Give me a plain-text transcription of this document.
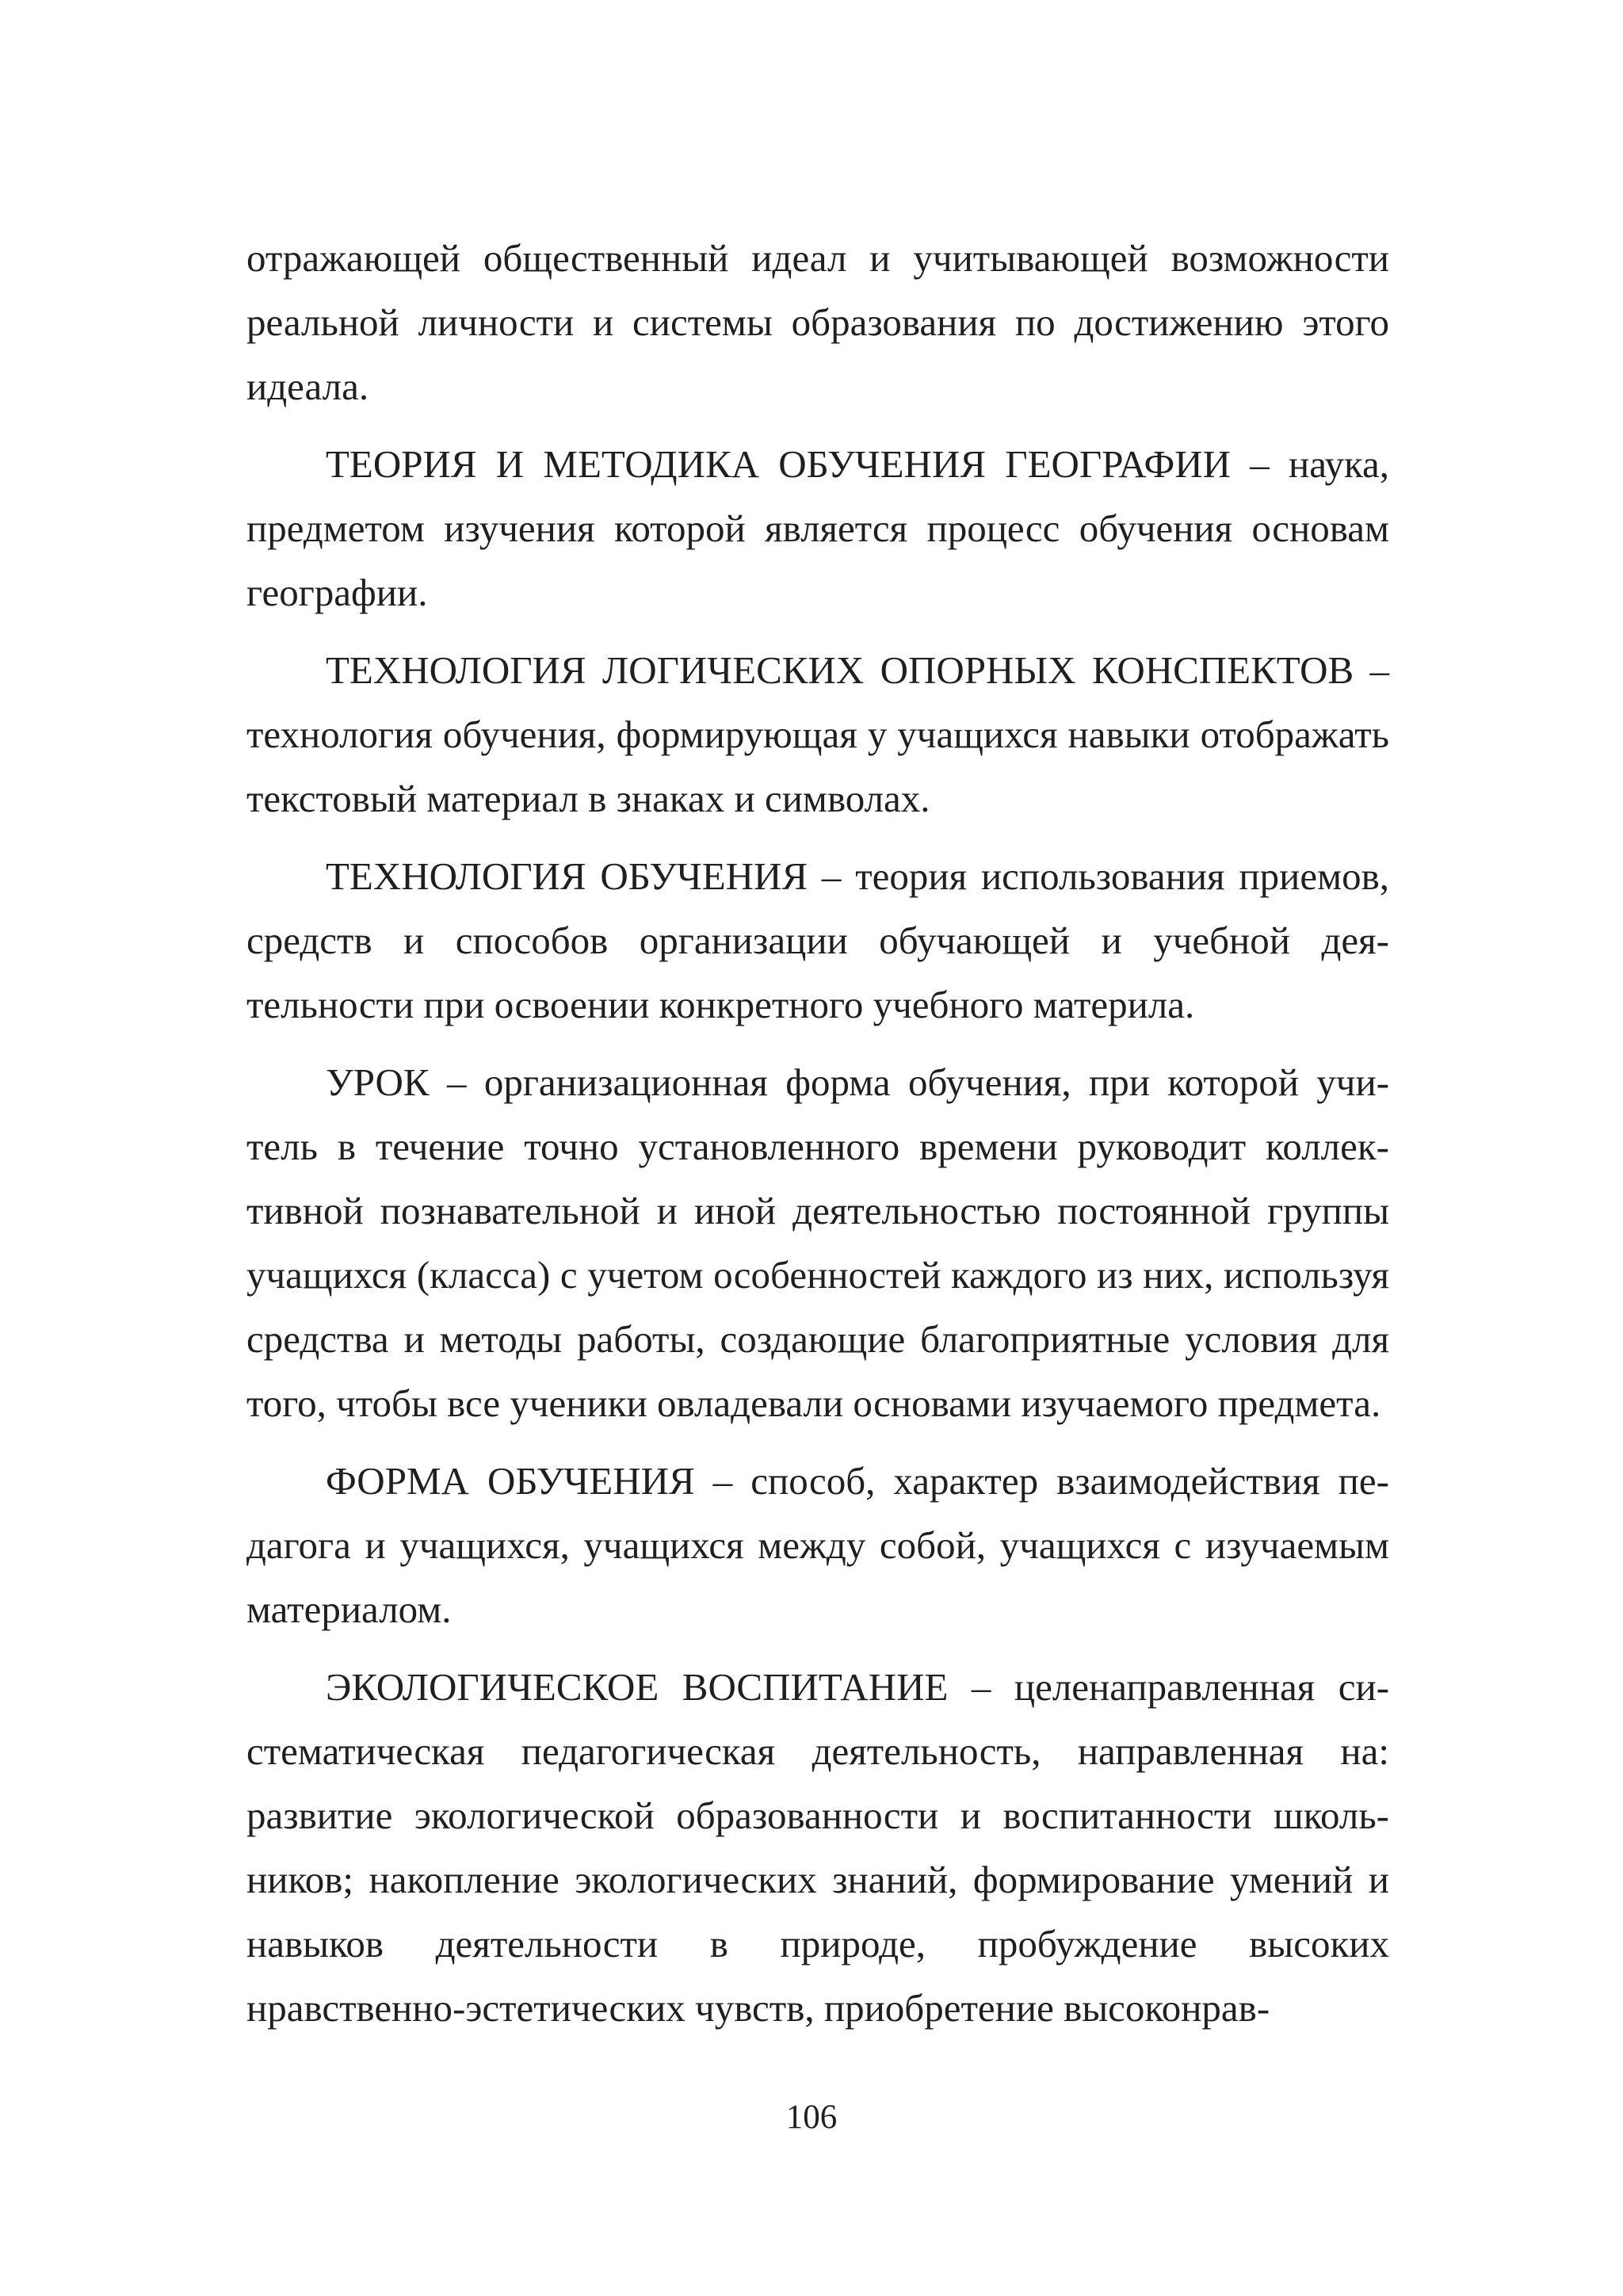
отражающей общественный идеал и учитывающей возможности реальной личности и системы образования по достижению этого идеала.

ТЕОРИЯ И МЕТОДИКА ОБУЧЕНИЯ ГЕОГРАФИИ – наука, предметом изучения которой является процесс обучения основам географии.

ТЕХНОЛОГИЯ ЛОГИЧЕСКИХ ОПОРНЫХ КОНСПЕКТОВ – технология обучения, формирующая у учащихся навыки отображать текстовый материал в знаках и символах.

ТЕХНОЛОГИЯ ОБУЧЕНИЯ – теория использования приемов, средств и способов организации обучающей и учебной деятельности при освоении конкретного учебного материла.

УРОК – организационная форма обучения, при которой учитель в течение точно установленного времени руководит коллективной познавательной и иной деятельностью постоянной группы учащихся (класса) с учетом особенностей каждого из них, используя средства и методы работы, создающие благоприятные условия для того, чтобы все ученики овладевали основами изучаемого предмета.

ФОРМА ОБУЧЕНИЯ – способ, характер взаимодействия педагога и учащихся, учащихся между собой, учащихся с изучаемым материалом.

ЭКОЛОГИЧЕСКОЕ ВОСПИТАНИЕ – целенаправленная систематическая педагогическая деятельность, направленная на: развитие экологической образованности и воспитанности школьников; накопление экологических знаний, формирование умений и навыков деятельности в природе, пробуждение высоких нравственно-эстетических чувств, приобретение высоконрав-

106
